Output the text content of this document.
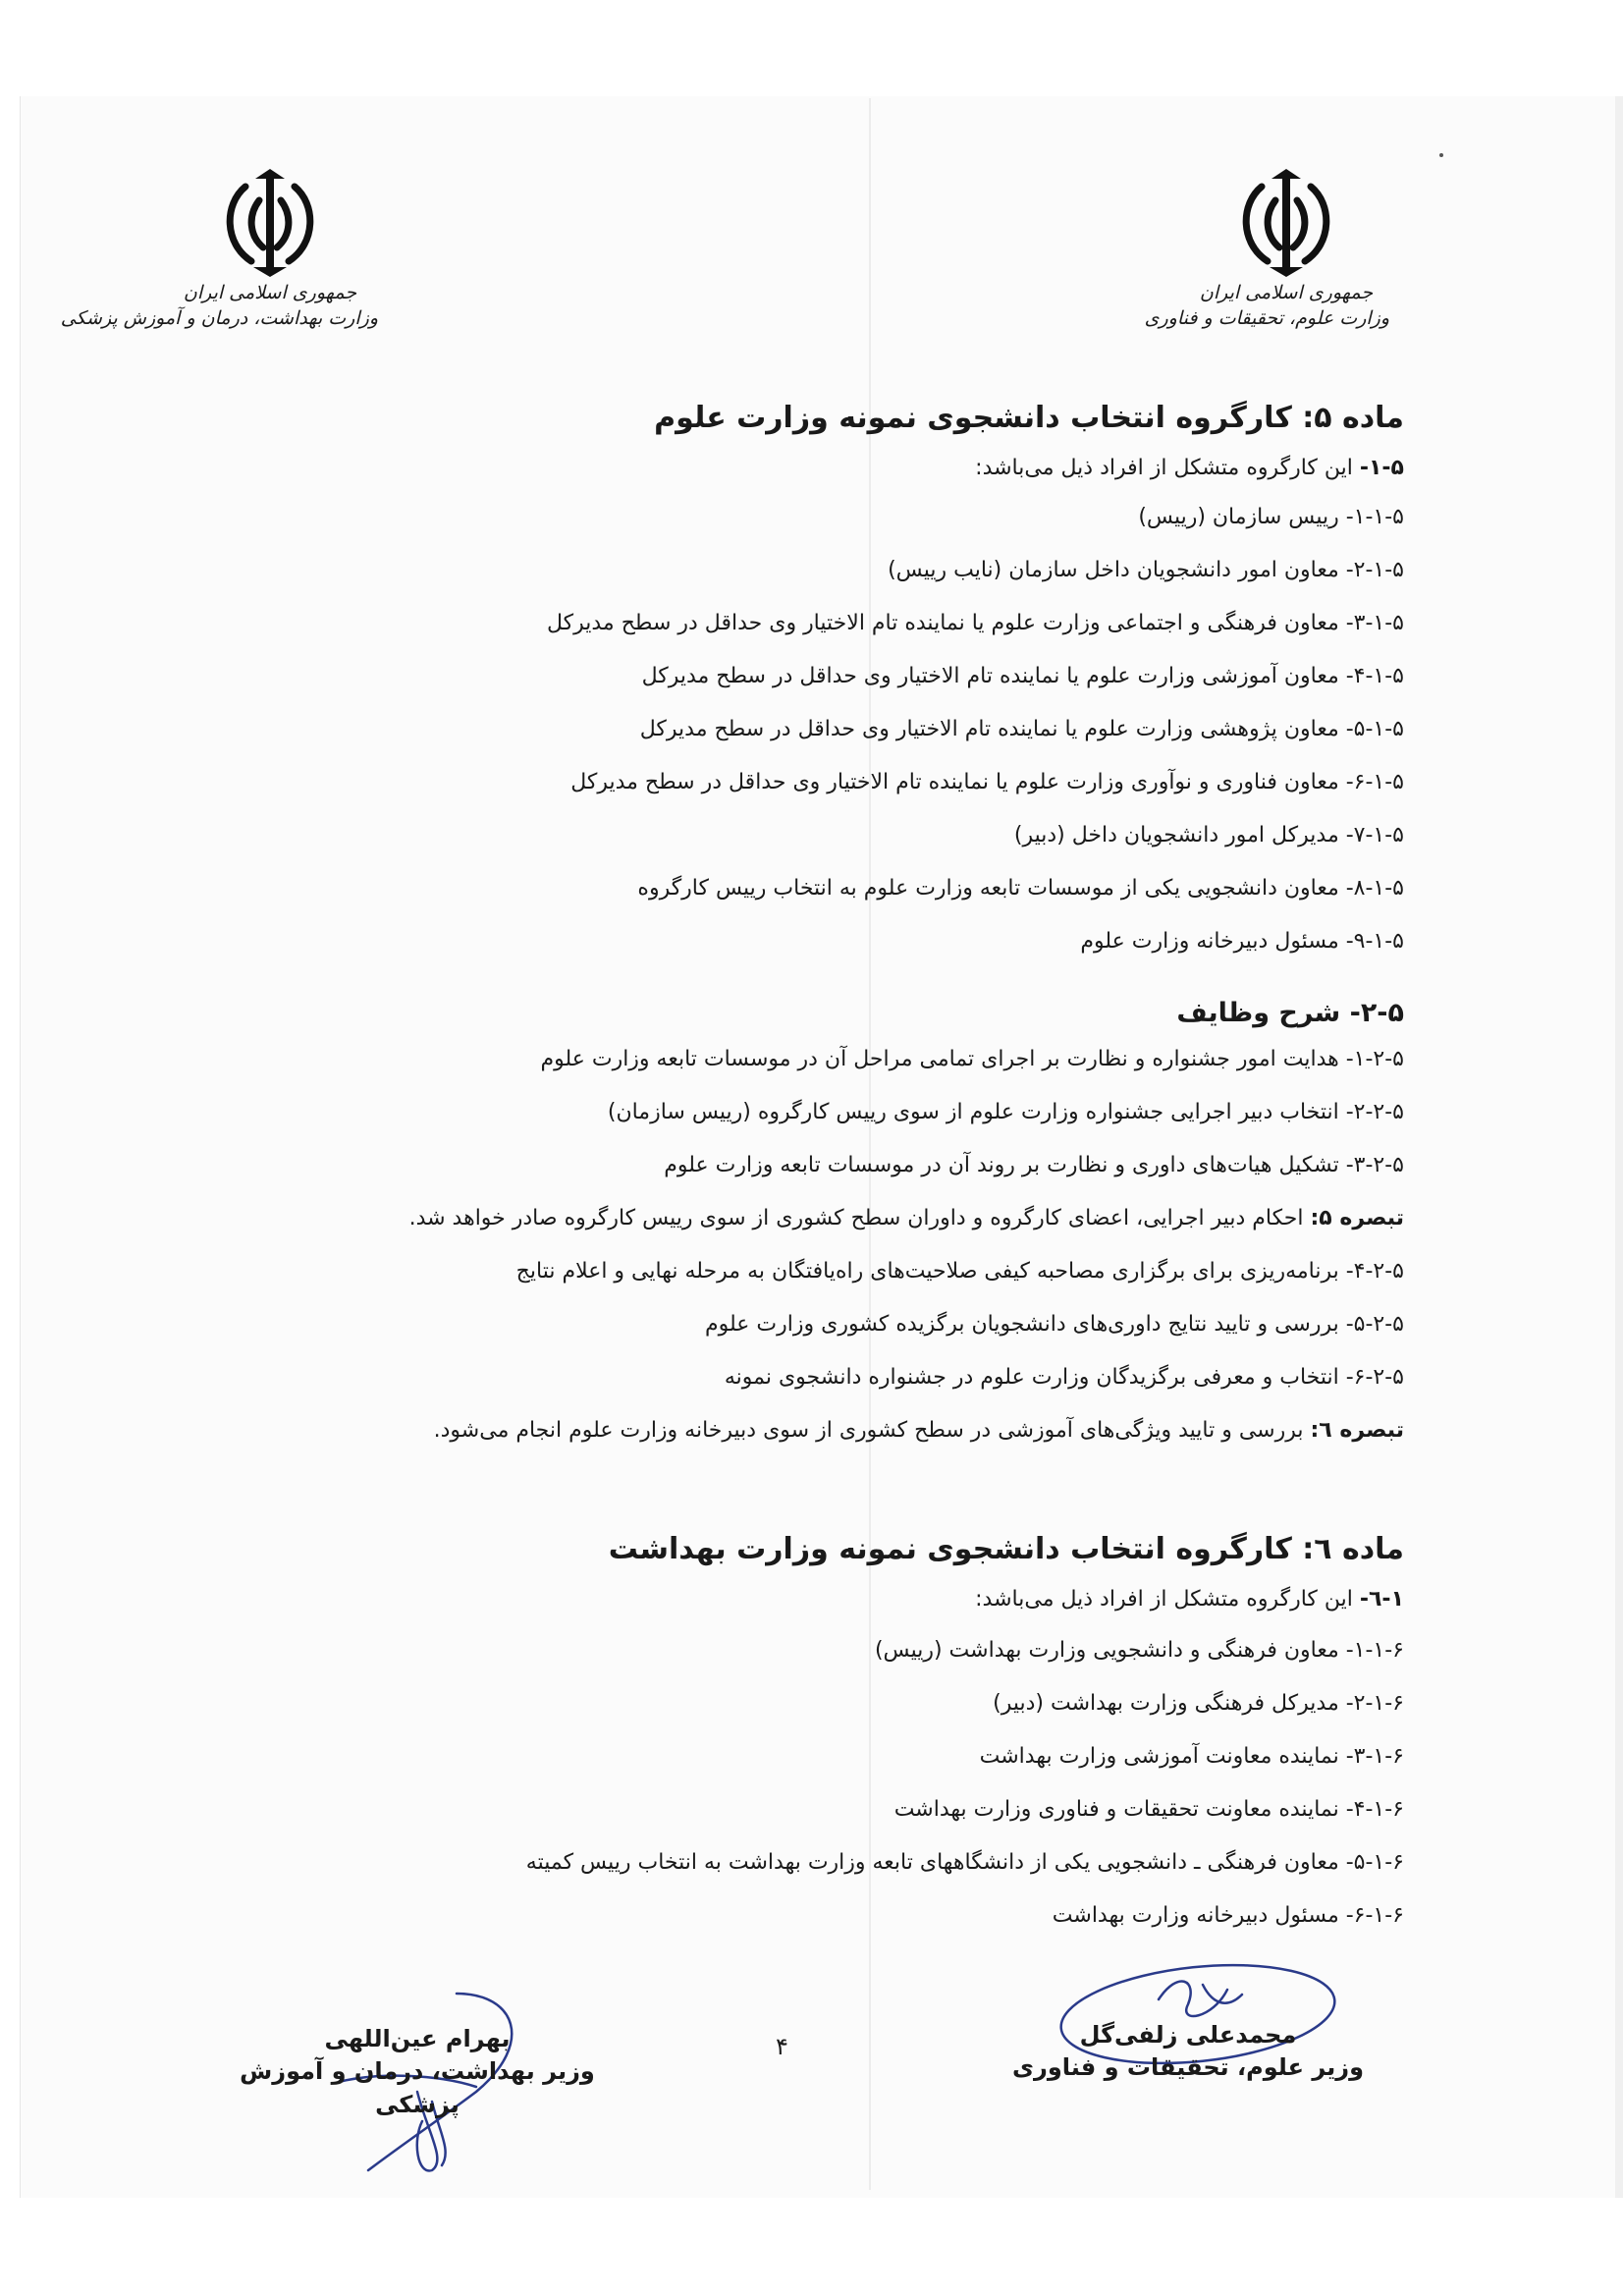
جمهوری اسلامی ایران
وزارت بهداشت، درمان و آموزش پزشکی
جمهوری اسلامی ایران
وزارت علوم، تحقیقات و فناوری
ماده ۵: کارگروه انتخاب دانشجوی نمونه وزارت علوم
۱-۵- این کارگروه متشکل از افراد ذیل می‌باشد:
۱-۱-۵- رییس سازمان (رییس)
۲-۱-۵- معاون امور دانشجویان داخل سازمان (نایب رییس)
۳-۱-۵- معاون فرهنگی و اجتماعی وزارت علوم یا نماینده تام الاختیار وی حداقل در سطح مدیرکل
۴-۱-۵- معاون آموزشی وزارت علوم یا نماینده تام الاختیار وی حداقل در سطح مدیرکل
۵-۱-۵- معاون پژوهشی وزارت علوم یا نماینده تام الاختیار وی حداقل در سطح مدیرکل
۶-۱-۵- معاون فناوری و نوآوری وزارت علوم یا نماینده تام الاختیار وی حداقل در سطح مدیرکل
۷-۱-۵- مدیرکل امور دانشجویان داخل (دبیر)
۸-۱-۵- معاون دانشجویی یکی از موسسات تابعه وزارت علوم به انتخاب رییس کارگروه
۹-۱-۵- مسئول دبیرخانه وزارت علوم
۲-۵- شرح وظایف
۱-۲-۵- هدایت امور جشنواره و نظارت بر اجرای تمامی مراحل آن در موسسات تابعه وزارت علوم
۲-۲-۵- انتخاب دبیر اجرایی جشنواره وزارت علوم از سوی رییس کارگروه (رییس سازمان)
۳-۲-۵- تشکیل هیات‌های داوری و نظارت بر روند آن در موسسات تابعه وزارت علوم
تبصره ۵: احکام دبیر اجرایی، اعضای کارگروه و داوران سطح کشوری از سوی رییس کارگروه صادر خواهد شد.
۴-۲-۵- برنامه‌ریزی برای برگزاری مصاحبه کیفی صلاحیت‌های راه‌یافتگان به مرحله نهایی و اعلام نتایج
۵-۲-۵- بررسی و تایید نتایج داوری‌های دانشجویان برگزیده کشوری وزارت علوم
۶-۲-۵- انتخاب و معرفی برگزیدگان وزارت علوم در جشنواره دانشجوی نمونه
تبصره ٦: بررسی و تایید ویژگی‌های آموزشی در سطح کشوری از سوی دبیرخانه وزارت علوم انجام می‌شود.
ماده ٦: کارگروه انتخاب دانشجوی نمونه وزارت بهداشت
۱-٦- این کارگروه متشکل از افراد ذیل می‌باشد:
۱-۱-۶- معاون فرهنگی و دانشجویی وزارت بهداشت (رییس)
۲-۱-۶- مدیرکل فرهنگی وزارت بهداشت (دبیر)
۳-۱-۶- نماینده معاونت آموزشی وزارت بهداشت
۴-۱-۶- نماینده معاونت تحقیقات و فناوری وزارت بهداشت
۵-۱-۶- معاون فرهنگی ـ دانشجویی یکی از دانشگاههای تابعه وزارت بهداشت به انتخاب رییس کمیته
۶-۱-۶- مسئول دبیرخانه وزارت بهداشت
۴
بهرام عین‌اللهی
وزیر بهداشت، درمان و آموزش پزشکی
محمدعلی زلفی‌گل
وزیر علوم، تحقیقات و فناوری
